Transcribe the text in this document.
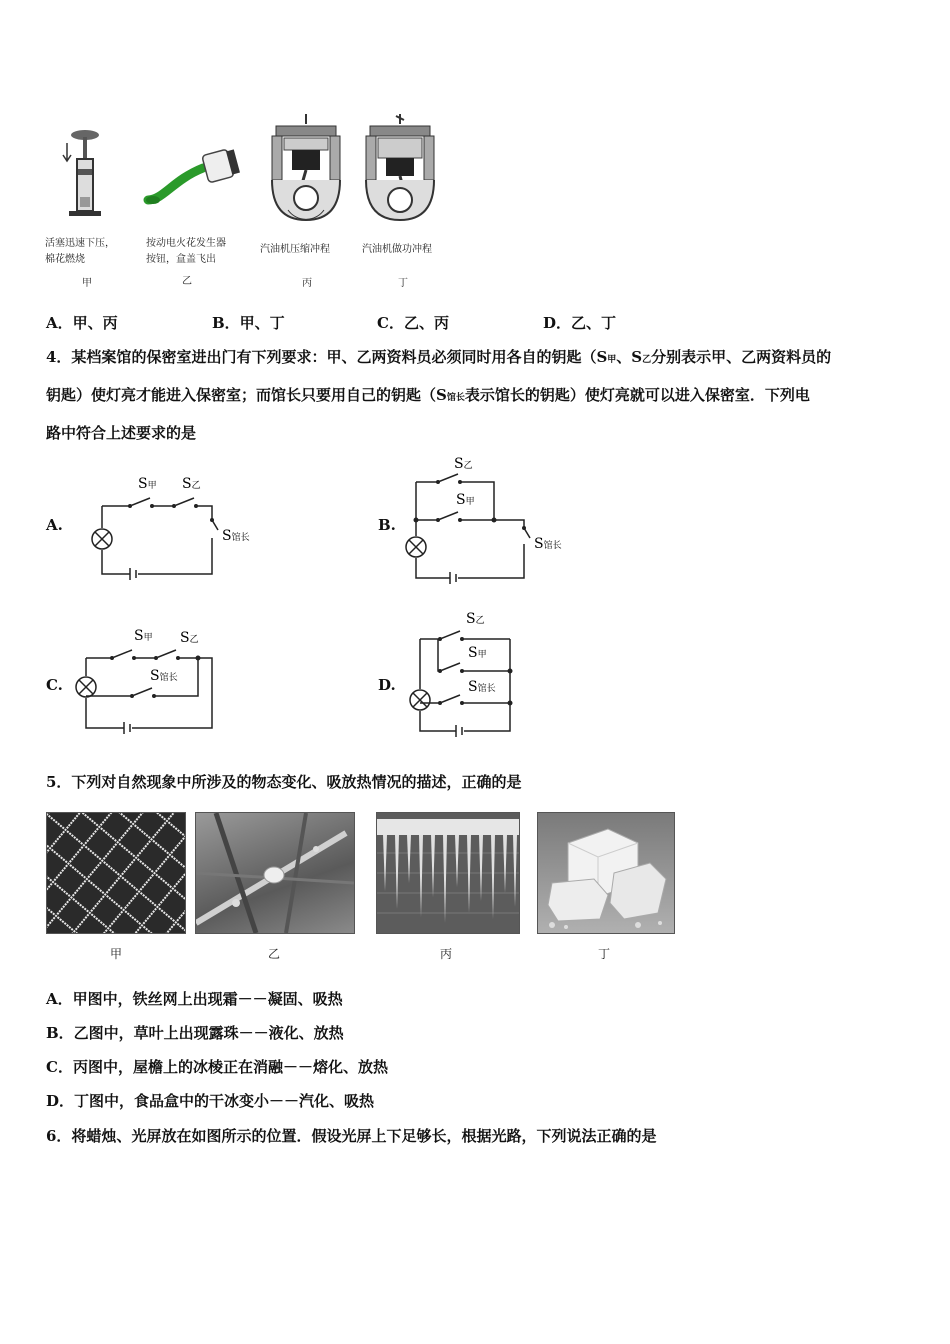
活塞迅速下压，
棉花燃烧
甲
按动电火花发生器
按钮，盒盖飞出
乙
汽油机压缩冲程
丙
汽油机做功冲程
丁
A．甲、丙	B．甲、丁	C．乙、丙	D．乙、丁
4．某档案馆的保密室进出门有下列要求：甲、乙两资料员必须同时用各自的钥匙（S甲、S乙分别表示甲、乙两资料员的
钥匙）使灯亮才能进入保密室；而馆长只要用自己的钥匙（S馆长表示馆长的钥匙）使灯亮就可以进入保密室．下列电
路中符合上述要求的是
A.
S甲 S乙
S馆长
B.
S乙
S甲
S馆长
C.
S甲 S乙
S馆长	D.
S乙
S甲
S馆长
5．下列对自然现象中所涉及的物态变化、吸放热情况的描述，正确的是
甲	乙	丙	丁
A．甲图中，铁丝网上出现霜－－凝固、吸热
B．乙图中，草叶上出现露珠－－液化、放热
C．丙图中，屋檐上的冰棱正在消融－－熔化、放热
D．丁图中，食品盒中的干冰变小－－汽化、吸热
6．将蜡烛、光屏放在如图所示的位置．假设光屏上下足够长，根据光路，下列说法正确的是
